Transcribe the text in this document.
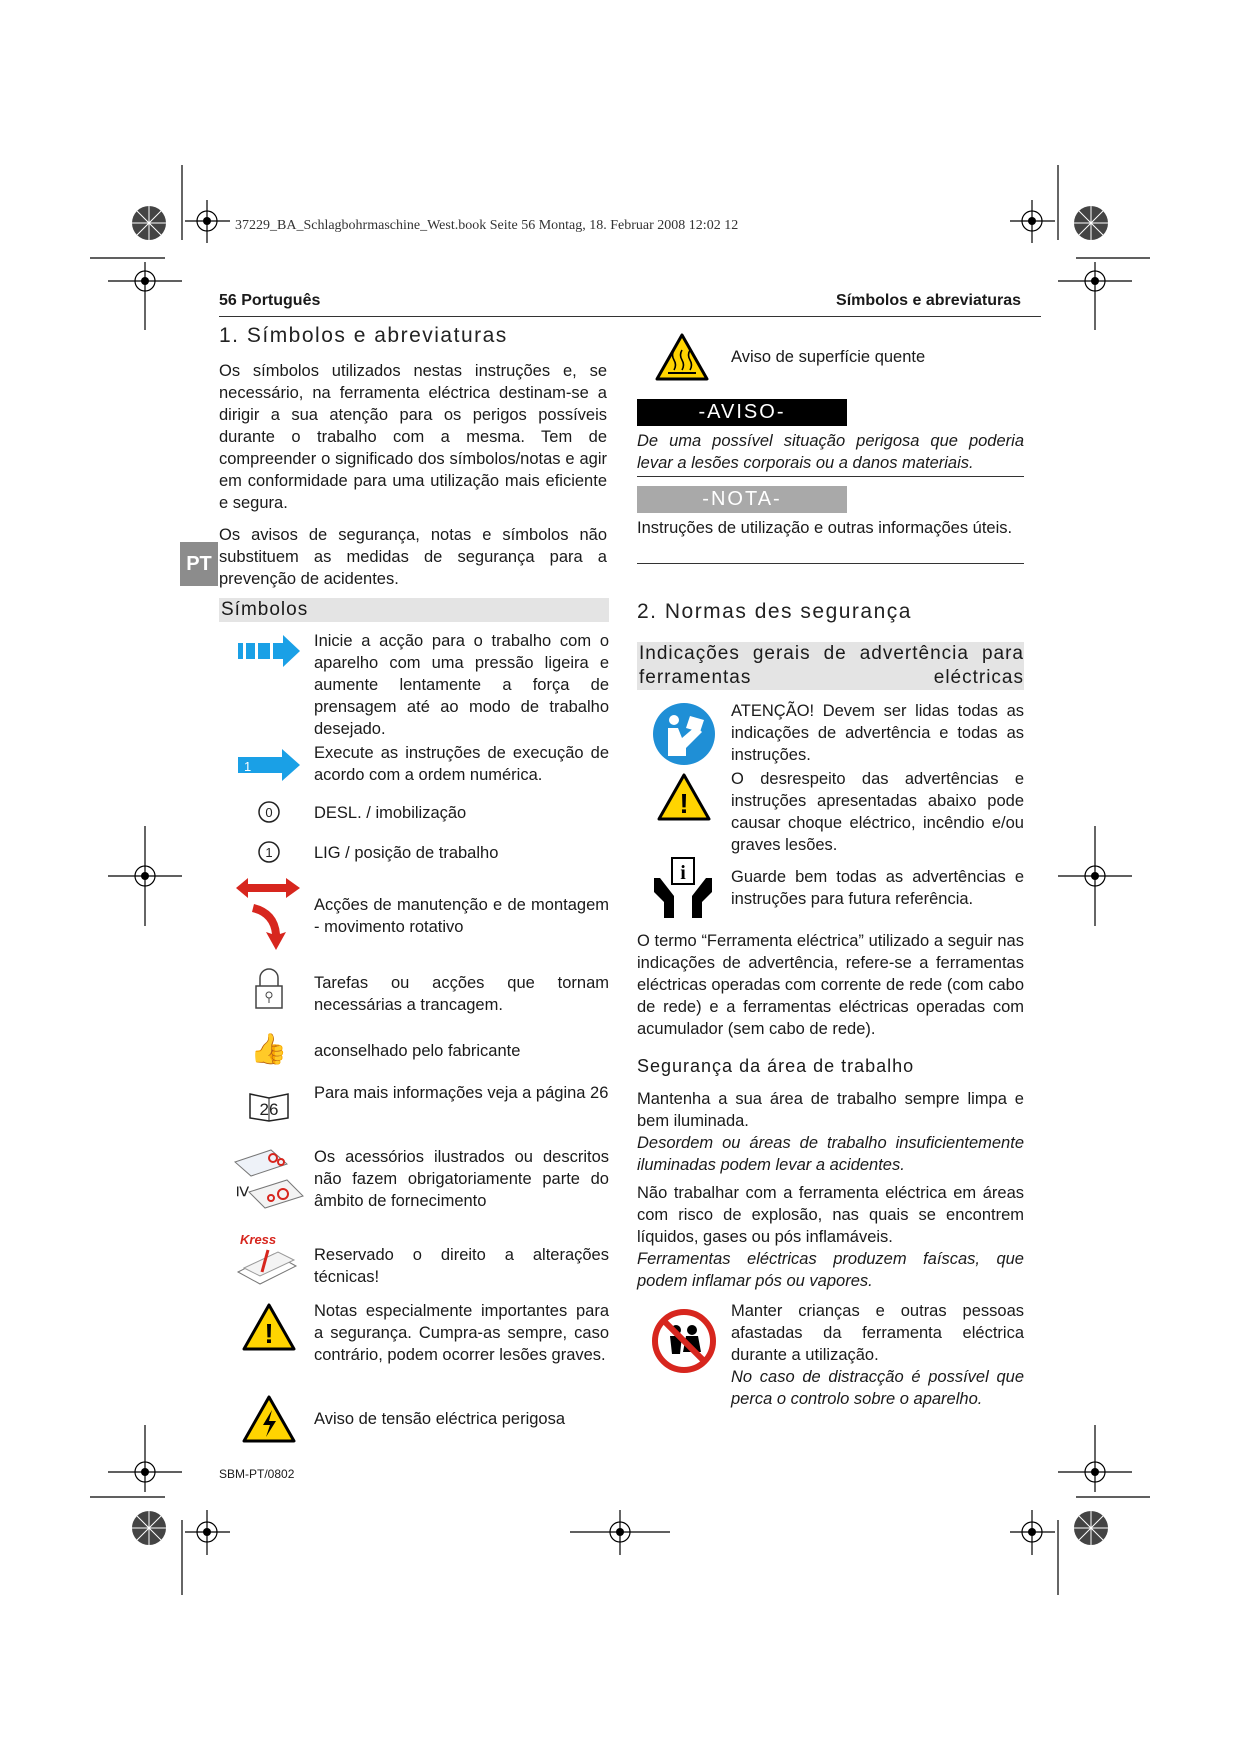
37229_BA_Schlagbohrmaschine_West.book Seite 56 Montag, 18. Februar 2008 12:02 12
56 Português	Símbolos e abreviaturas
PT
1. Símbolos e abreviaturas
Os símbolos utilizados nestas instruções e, se necessário, na ferramenta eléctrica destinam-se a dirigir a sua atenção para os perigos possíveis durante o trabalho com a mesma. Tem de compreender o significado dos símbolos/notas e agir em conformidade para uma utilização mais eficiente e segura.
Os avisos de segurança, notas e símbolos não substituem as medidas de segurança para a prevenção de acidentes.
Símbolos
Inicie a acção para o trabalho com o aparelho com uma pressão ligeira e aumente lentamente a força de prensagem até ao modo de trabalho desejado.
1
Execute as instruções de execução de acordo com a ordem numérica.
0	DESL. / imobilização
1	LIG / posição de trabalho
Acções de manutenção e de montagem - movimento rotativo
Tarefas ou acções que tornam necessárias a trancagem.
👍	aconselhado pelo fabricante
26
Para mais informações veja a página 26
≥
Os acessórios ilustrados ou descritos não fazem obrigatoriamente parte do âmbito de fornecimento
Kress
Reservado o direito a alterações técnicas!
!
Notas especialmente importantes para a segurança. Cumpra-as sempre, caso contrário, podem ocorrer lesões graves.
Aviso de tensão eléctrica perigosa
Aviso de superfície quente
-AVISO-
De uma possível situação perigosa que poderia levar a lesões corporais ou a danos materiais.
-NOTA-
Instruções de utilização e outras informações úteis.
2. Normas des segurança
Indicações gerais de advertência para ferramentas eléctricas
ATENÇÃO! Devem ser lidas todas as indicações de advertência e todas as instruções.
!
O desrespeito das advertências e instruções apresentadas abaixo pode causar choque eléctrico, incêndio e/ou graves lesões.
i	Guarde bem todas as advertências e instruções para futura referência.
O termo “Ferramenta eléctrica” utilizado a seguir nas indicações de advertência, refere-se a ferramentas eléctricas operadas com corrente de rede (com cabo de rede) e a ferramentas eléctricas operadas com acumulador (sem cabo de rede).
Segurança da área de trabalho
Mantenha a sua área de trabalho sempre limpa e bem iluminada.
Desordem ou áreas de trabalho insuficientemente iluminadas podem levar a acidentes.
Não trabalhar com a ferramenta eléctrica em áreas com risco de explosão, nas quais se encontrem líquidos, gases ou pós inflamáveis.
Ferramentas eléctricas produzem faíscas, que podem inflamar pós ou vapores.
Manter crianças e outras pessoas afastadas da ferramenta eléctrica durante a utilização.
No caso de distracção é possível que perca o controlo sobre o aparelho.
SBM-PT/0802
